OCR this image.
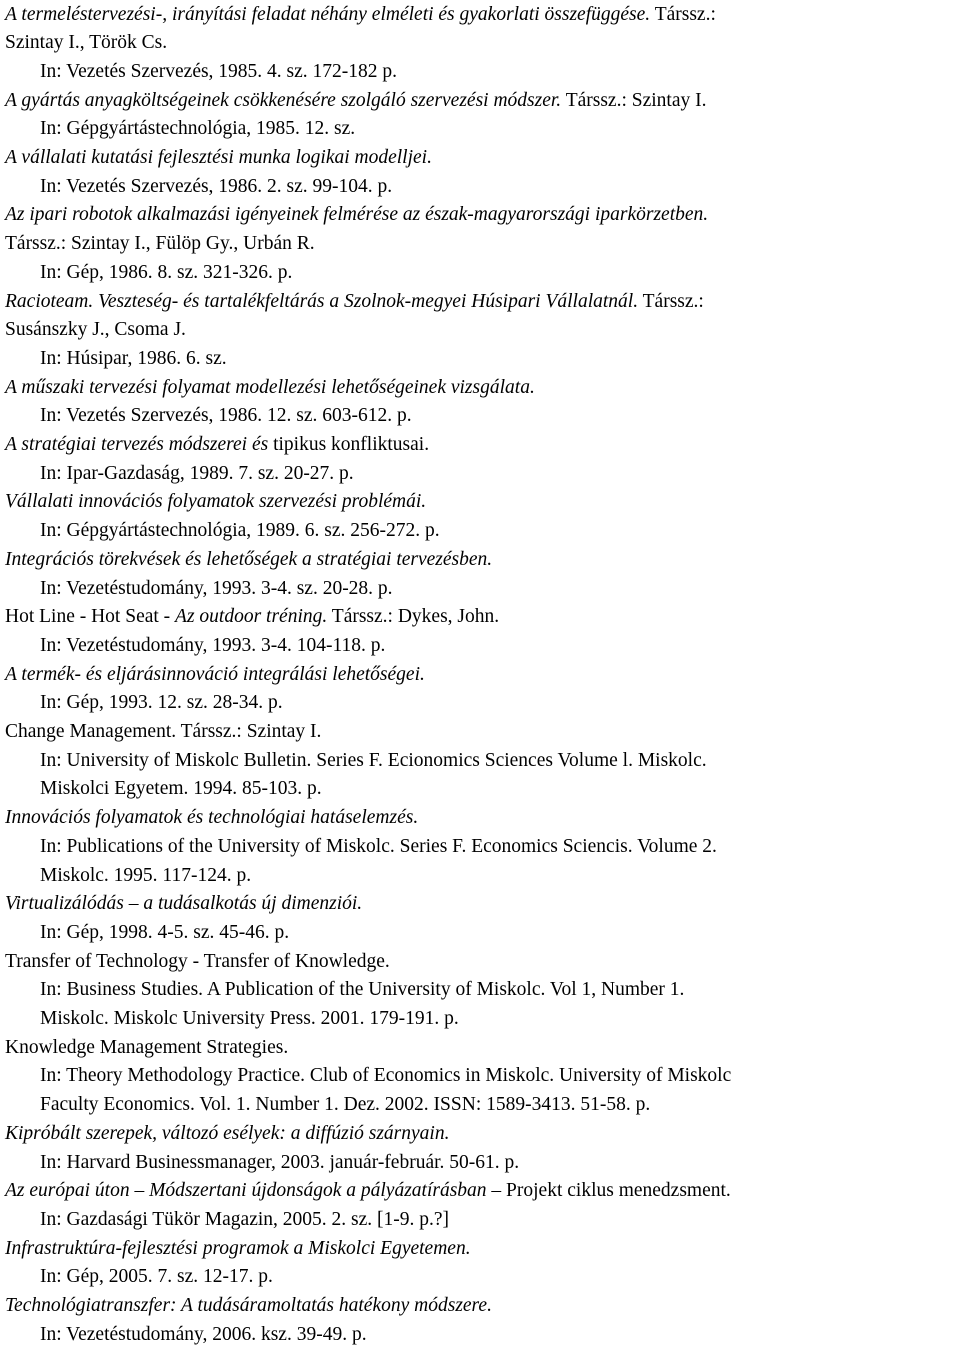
A termeléstervezési-, irányítási feladat néhány elméleti és gyakorlati összefüggése. Társsz.:
Szintay I., Török Cs.
In: Vezetés Szervezés, 1985. 4. sz. 172-182 p.
A gyártás anyagköltségeinek csökkenésére szolgáló szervezési módszer. Társsz.: Szintay I.
In: Gépgyártástechnológia, 1985. 12. sz.
A vállalati kutatási fejlesztési munka logikai modelljei.
In: Vezetés Szervezés, 1986. 2. sz. 99-104. p.
Az ipari robotok alkalmazási igényeinek felmérése az észak-magyarországi iparkörzetben.
Társsz.: Szintay I., Fülöp Gy., Urbán R.
In: Gép, 1986. 8. sz. 321-326. p.
Racioteam. Veszteség- és tartalékfeltárás a Szolnok-megyei Húsipari Vállalatnál. Társsz.:
Susánszky J., Csoma J.
In: Húsipar, 1986. 6. sz.
A műszaki tervezési folyamat modellezési lehetőségeinek vizsgálata.
In: Vezetés Szervezés, 1986. 12. sz. 603-612. p.
A stratégiai tervezés módszerei és tipikus konfliktusai.
In: Ipar-Gazdaság, 1989. 7. sz. 20-27. p.
Vállalati innovációs folyamatok szervezési problémái.
In: Gépgyártástechnológia, 1989. 6. sz. 256-272. p.
Integrációs törekvések és lehetőségek a stratégiai tervezésben.
In: Vezetéstudomány, 1993. 3-4. sz. 20-28. p.
Hot Line - Hot Seat - Az outdoor tréning. Társsz.: Dykes, John.
In: Vezetéstudomány, 1993. 3-4. 104-118. p.
A termék- és eljárásinnováció integrálási lehetőségei.
In: Gép, 1993. 12. sz. 28-34. p.
Change Management. Társsz.: Szintay I.
In: University of Miskolc Bulletin. Series F. Ecionomics Sciences Volume l. Miskolc.
Miskolci Egyetem. 1994. 85-103. p.
Innovációs folyamatok és technológiai hatáselemzés.
In: Publications of the University of Miskolc. Series F. Economics Sciencis. Volume 2.
Miskolc. 1995. 117-124. p.
Virtualizálódás – a tudásalkotás új dimenziói.
In: Gép, 1998. 4-5. sz. 45-46. p.
Transfer of Technology - Transfer of Knowledge.
In: Business Studies. A Publication of the University of Miskolc. Vol 1, Number 1.
Miskolc. Miskolc University Press. 2001. 179-191. p.
Knowledge Management Strategies.
In: Theory Methodology Practice. Club of Economics in Miskolc. University of Miskolc
Faculty Economics. Vol. 1. Number 1. Dez. 2002. ISSN: 1589-3413. 51-58. p.
Kipróbált szerepek, változó esélyek: a diffúzió szárnyain.
In: Harvard Businessmanager, 2003. január-február. 50-61. p.
Az európai úton – Módszertani újdonságok a pályázatírásban – Projekt ciklus menedzsment.
In: Gazdasági Tükör Magazin, 2005. 2. sz. [1-9. p.?]
Infrastruktúra-fejlesztési programok a Miskolci Egyetemen.
In: Gép, 2005. 7. sz. 12-17. p.
Technológiatranszfer: A tudásáramoltatás hatékony módszere.
In: Vezetéstudomány, 2006. ksz. 39-49. p.
